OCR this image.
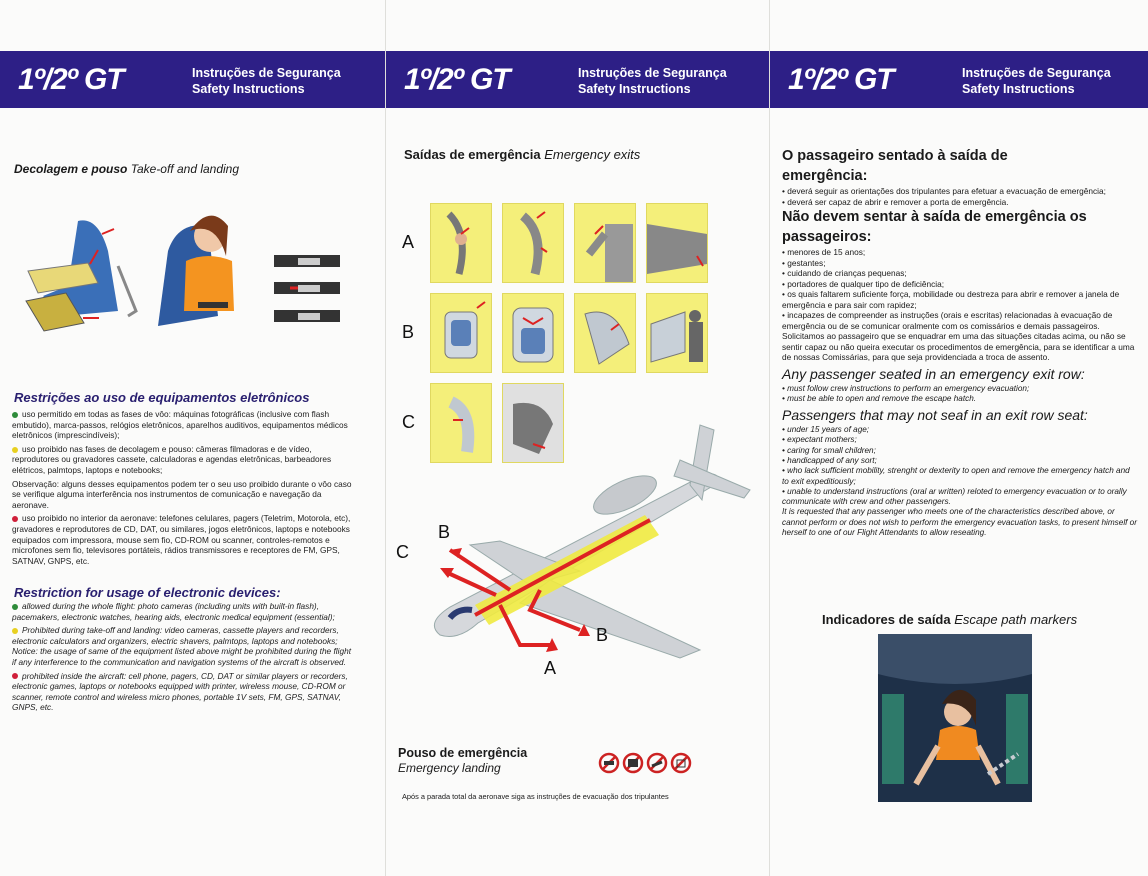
1º/2º GT	Instruções de Segurança
Safety Instructions
Decolagem e pouso Take-off and landing
Restrições ao uso de equipamentos eletrônicos

uso permitido em todas as fases de vôo: máquinas fotográficas (inclusive com flash embutido), marca-passos, relógios eletrônicos, aparelhos auditivos, equipamentos médicos eletrônicos (imprescindíveis);

uso proibido nas fases de decolagem e pouso: câmeras filmadoras e de vídeo, reprodutores ou gravadores cassete, calculadoras e agendas eletrônicas, barbeadores elétricos, palmtops, laptops e notebooks;

Observação: alguns desses equipamentos podem ter o seu uso proibido durante o vôo caso se verifique alguma interferência nos instrumentos de comunicação e navegação da aeronave.

uso proibido no interior da aeronave: telefones celulares, pagers (Teletrim, Motorola, etc), gravadores e reprodutores de CD, DAT, ou similares, jogos eletrônicos, laptops e notebooks equipados com impressora, mouse sem fio, CD-ROM ou scanner, controles-remotos e microfones sem fio, televisores portáteis, rádios transmissores e receptores de FM, GPS, SATNAV, GNPS, etc.

Restriction for usage of electronic devices:

allowed during the whole flight: photo cameras (including units with built-in flash), pacemakers, electronic watches, hearing aids, electronic medical equipment (essential);

Prohibited during take-off and landing: video cameras, cassette players and recorders, electronic calculators and organizers, electric shavers, palmtops, laptops and notebooks; Notice: the usage of same of the equipment listed above might be prohibited during the flight if any interference to the communication and navigation systems of the aircraft is observed.

prohibited inside the aircraft: cell phone, pagers, CD, DAT or similar players or recorders, electronic games, laptops or notebooks equipped with printer, wireless mouse, CD-ROM or scanner, remote control and wireless micro phones, portable 1V sets, FM, GPS, SATNAV, GNPS, etc.

1º/2º GT	Instruções de Segurança
Safety Instructions
Saídas de emergência Emergency exits
A
B
C
B
C
B
A
Pouso de emergência
Emergency landing
Após a parada total da aeronave siga as instruções de evacuação dos tripulantes
1º/2º GT	Instruções de Segurança
Safety Instructions

O passageiro sentado à saída de emergência:

• deverá seguir as orientações dos tripulantes para efetuar a evacuação de emergência;

• deverá ser capaz de abrir e remover a porta de emergência.

Não devem sentar à saída de emergência os passageiros:

• menores de 15 anos;

• gestantes;

• cuidando de crianças pequenas;

• portadores de qualquer tipo de deficiência;

• os quais faltarem suficiente força, mobilidade ou destreza para abrir e remover a janela de emergência e para sair com rapidez;

• incapazes de compreender as instruções (orais e escritas) relacionadas à evacuação de emergência ou de se comunicar oralmente com os comissários e demais passageiros.

Solicitamos ao passageiro que se enquadrar em uma das situações citadas acima, ou não se sentir capaz ou não queira executar os procedimentos de emergência, para se identificar a uma de nossas Comissárias, para que seja providenciada a troca de assento.

Any passenger seated in an emergency exit row:

• must follow crew instructions to perform an emergency evacuation;

• must be able to open and remove the escape hatch.

Passengers that may not seaf in an exit row seat:

• under 15 years of age;

• expectant mothers;

• caring for small children;

• handicapped of any sort;

• who lack sufficient mobility, strenght or dexterity to open and remove the emergency hatch and to exit expeditiously;

• unable to understand instructions (oral ar written) reloted to emergency evacuation or to orally communicate with crew and other passengers.

It is requested that any passenger who meets one of the characteristics described above, or cannot perform or does not wish to perform the emergency evacuation tasks, to present himself or herself to one of our Flight Attendants to allow reseating.

Indicadores de saída Escape path markers
